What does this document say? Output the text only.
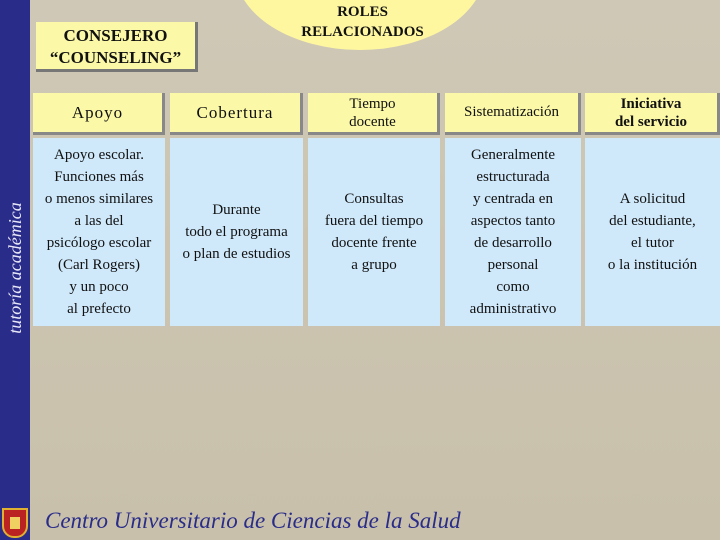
tutoría académica
ROLES
RELACIONADOS
CONSEJERO
“COUNSELING”
Apoyo	Cobertura	Tiempo
docente
Sistematización
Iniciativa
del servicio
Apoyo escolar.
Funciones más
o menos similares
a las del
psicólogo escolar
(Carl Rogers)
y un poco
al prefecto
Durante
todo el programa
o plan de estudios
Consultas
fuera del tiempo
docente frente
a grupo
Generalmente
estructurada
y centrada en
aspectos tanto
de desarrollo
personal
como
administrativo
A solicitud
del estudiante,
el tutor
o la institución
Centro Universitario de Ciencias de la Salud
